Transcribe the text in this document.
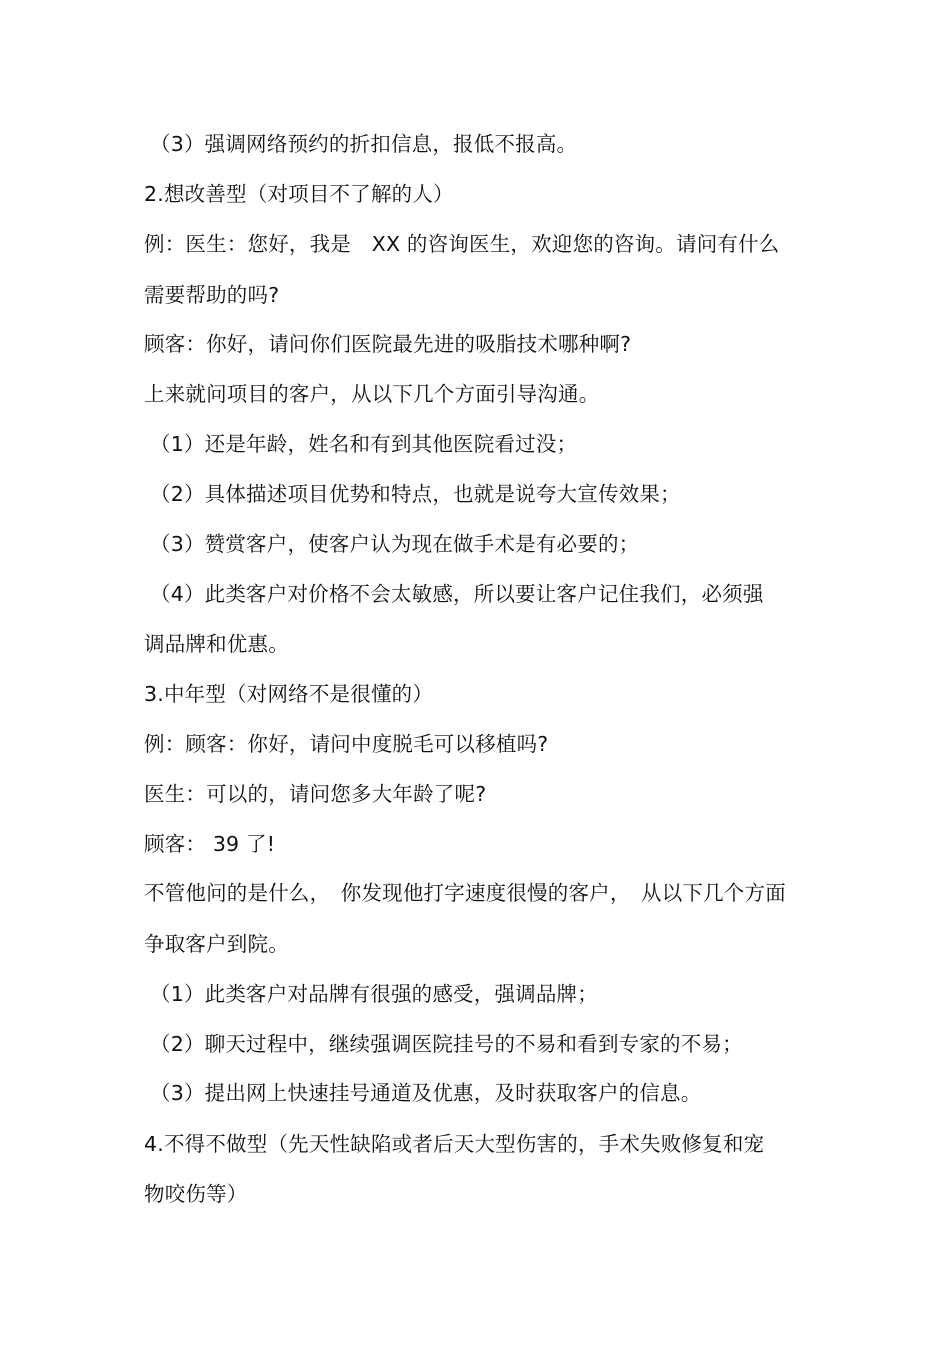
（3）强调网络预约的折扣信息，报低不报高。
2.想改善型（对项目不了解的人）
例：医生：您好，我是　XX 的咨询医生，欢迎您的咨询。请问有什么
需要帮助的吗?
顾客：你好，请问你们医院最先进的吸脂技术哪种啊?
上来就问项目的客户，从以下几个方面引导沟通。
（1）还是年龄，姓名和有到其他医院看过没；
（2）具体描述项目优势和特点，也就是说夸大宣传效果；
（3）赞赏客户，使客户认为现在做手术是有必要的；
（4）此类客户对价格不会太敏感，所以要让客户记住我们，必须强
调品牌和优惠。
3.中年型（对网络不是很懂的）
例：顾客：你好，请问中度脱毛可以移植吗?
医生：可以的，请问您多大年龄了呢?
顾客： 39 了!
不管他问的是什么，　你发现他打字速度很慢的客户，　从以下几个方面
争取客户到院。
（1）此类客户对品牌有很强的感受，强调品牌；
（2）聊天过程中，继续强调医院挂号的不易和看到专家的不易；
（3）提出网上快速挂号通道及优惠，及时获取客户的信息。
4.不得不做型（先天性缺陷或者后天大型伤害的，手术失败修复和宠
物咬伤等）
